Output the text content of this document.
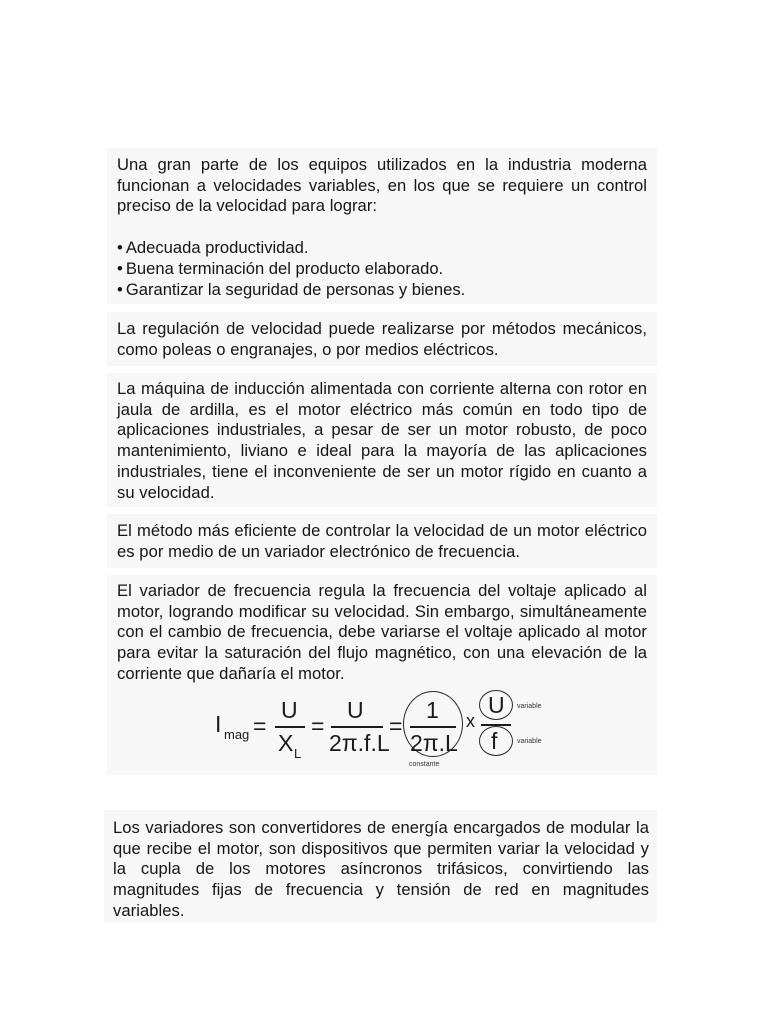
Una gran parte de los equipos utilizados en la industria moderna funcionan a velocidades variables, en los que se requiere un control preciso de la velocidad para lograr:

• Adecuada productividad.
• Buena terminación del producto elaborado.
• Garantizar la seguridad de personas y bienes.

La regulación de velocidad puede realizarse por métodos mecánicos, como poleas o engranajes, o por medios eléctricos.

La máquina de inducción alimentada con corriente alterna con rotor en jaula de ardilla, es el motor eléctrico más común en todo tipo de aplicaciones industriales, a pesar de ser un motor robusto, de poco mantenimiento, liviano e ideal para la mayoría de las aplicaciones industriales, tiene el inconveniente de ser un motor rígido en cuanto a su velocidad.

El método más eficiente de controlar la velocidad de un motor eléctrico es por medio de un variador electrónico de frecuencia.

El variador de frecuencia regula la frecuencia del voltaje aplicado al motor, logrando modificar su velocidad. Sin embargo, simultáneamente con el cambio de frecuencia, debe variarse el voltaje aplicado al motor para evitar la saturación del flujo magnético, con una elevación de la corriente que dañaría el motor.

I mag =
U
X L
=
U
2π.f.L
=
1
2π.L
constante
x
U
f
variable
variable

Los variadores son convertidores de energía encargados de modular la que recibe el motor, son dispositivos que permiten variar la velocidad y la cupla de los motores asíncronos trifásicos, convirtiendo las magnitudes fijas de frecuencia y tensión de red en magnitudes variables.
